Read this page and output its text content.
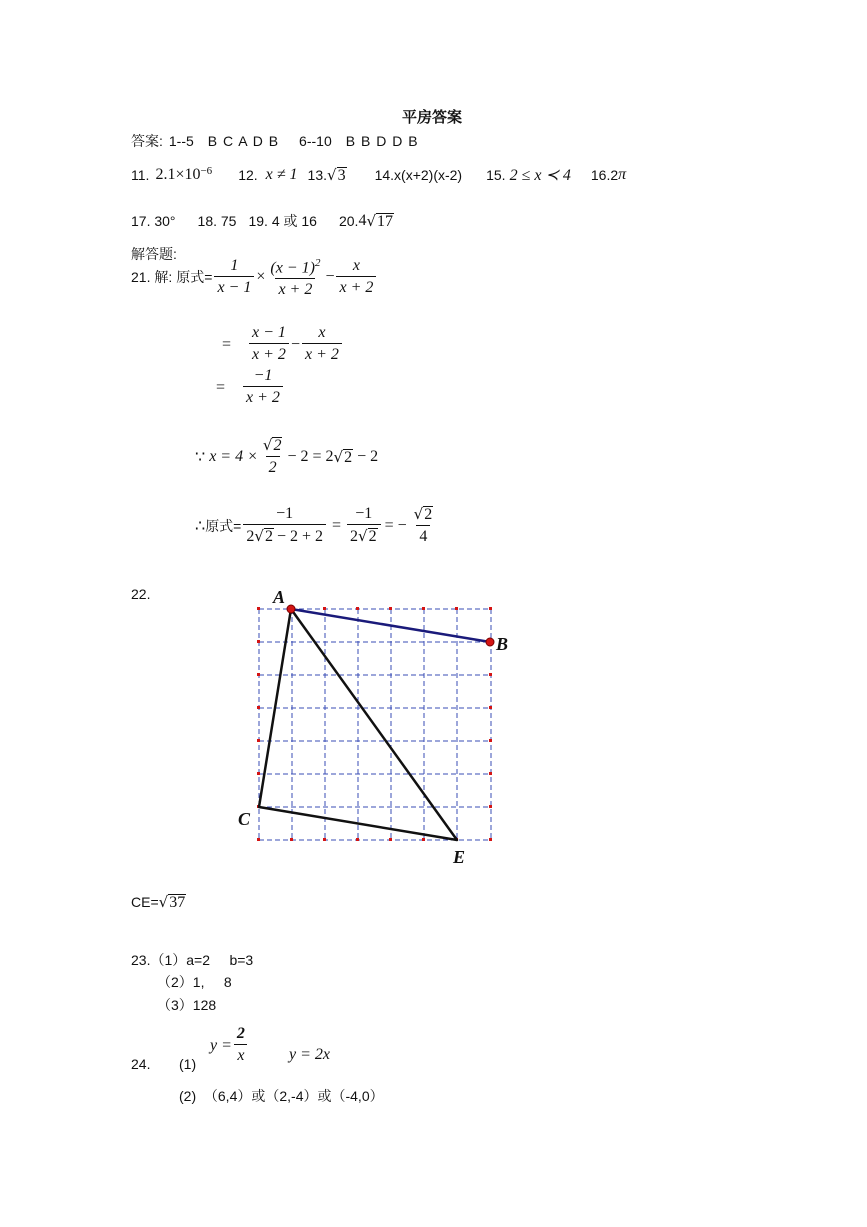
平房答案
答案: 1--5 B C A D B 6--10 B B D D B
11. $2.1 \times 10^{-6}$ 12. x ≠ 1 13. √ 3 14.x(x+2)(x-2) 15. 2 ≤ x ≺ 4 16.2 π
17. 30° 18. 75 19. 4 或 16 20. 4 √ 17
解答题:
21. 解: 原式= $\frac{1}{x - 1} \times \frac{(x - 1)^2}{x + 2} - \frac{x}{x + 2}$
= $\frac{x - 1}{x + 2} - \frac{x}{x + 2}$
= $\frac{-1}{x + 2}$
∵ $x = 4 \times \frac{√2}{2} - 2 = 2$ √ 2 − 2
∴ 原式= $\frac{-1}{2√2 - 2 + 2} = \frac{-1}{2√2}$ = − $\frac{√2}{4}$
22.	A
B
C
E
CE= √ 37
23.（1）a=2     b=3
（2）1,     8
（3）128
24. (1)
$y = \frac{2}{x}$	y = 2x
(2)  （6,4）或（2,-4）或（-4,0）
